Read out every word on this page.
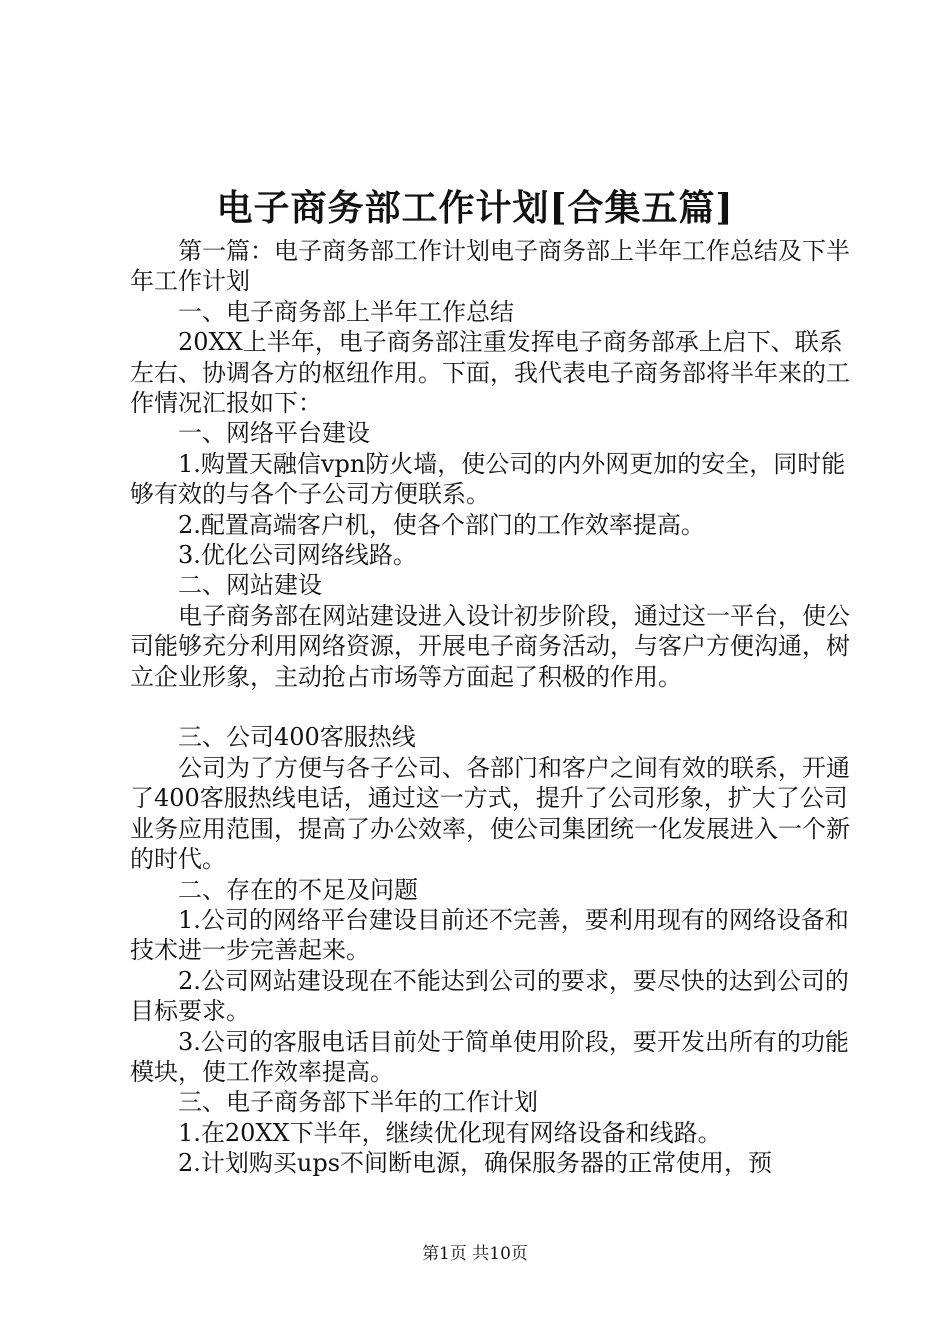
电子商务部工作计划[合集五篇]

第一篇：电子商务部工作计划电子商务部上半年工作总结及下半年工作计划

一、电子商务部上半年工作总结

20XX上半年，电子商务部注重发挥电子商务部承上启下、联系左右、协调各方的枢纽作用。下面，我代表电子商务部将半年来的工作情况汇报如下：

一、网络平台建设

1.购置天融信vpn防火墙，使公司的内外网更加的安全，同时能够有效的与各个子公司方便联系。

2.配置高端客户机，使各个部门的工作效率提高。

3.优化公司网络线路。

二、网站建设

电子商务部在网站建设进入设计初步阶段，通过这一平台，使公司能够充分利用网络资源，开展电子商务活动，与客户方便沟通，树立企业形象，主动抢占市场等方面起了积极的作用。

三、公司400客服热线

公司为了方便与各子公司、各部门和客户之间有效的联系，开通了400客服热线电话，通过这一方式，提升了公司形象，扩大了公司业务应用范围，提高了办公效率，使公司集团统一化发展进入一个新的时代。

二、存在的不足及问题

1.公司的网络平台建设目前还不完善，要利用现有的网络设备和技术进一步完善起来。

2.公司网站建设现在不能达到公司的要求，要尽快的达到公司的目标要求。

3.公司的客服电话目前处于简单使用阶段，要开发出所有的功能模块，使工作效率提高。

三、电子商务部下半年的工作计划

1.在20XX下半年，继续优化现有网络设备和线路。

2.计划购买ups不间断电源，确保服务器的正常使用，预

第1页 共10页
